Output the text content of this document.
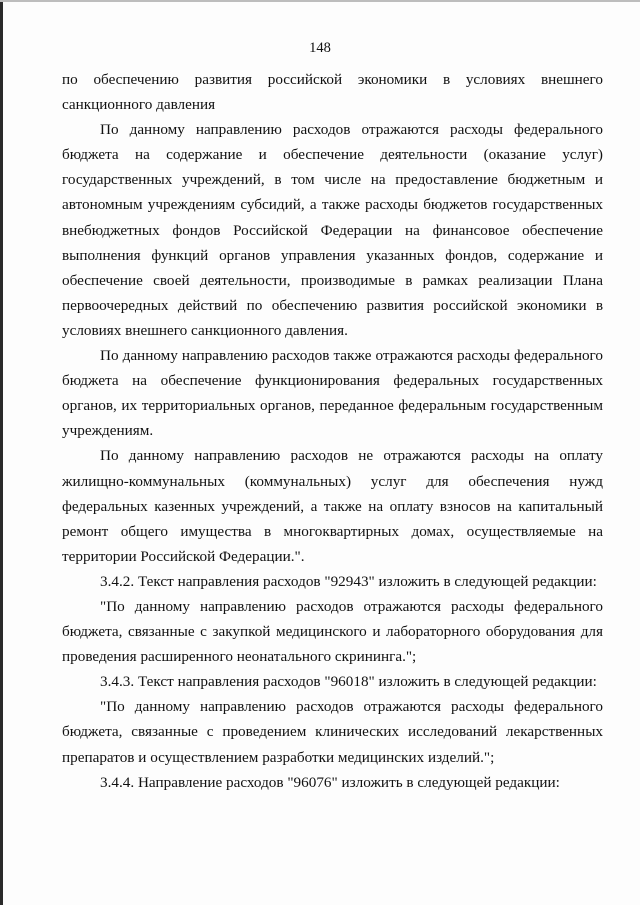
148

по обеспечению развития российской экономики в условиях внешнего санкционного давления

По данному направлению расходов отражаются расходы федерального бюджета на содержание и обеспечение деятельности (оказание услуг) государственных учреждений, в том числе на предоставление бюджетным и автономным учреждениям субсидий, а также расходы бюджетов государственных внебюджетных фондов Российской Федерации на финансовое обеспечение выполнения функций органов управления указанных фондов, содержание и обеспечение своей деятельности, производимые в рамках реализации Плана первоочередных действий по обеспечению развития российской экономики в условиях внешнего санкционного давления.

По данному направлению расходов также отражаются расходы федерального бюджета на обеспечение функционирования федеральных государственных органов, их территориальных органов, переданное федеральным государственным учреждениям.

По данному направлению расходов не отражаются расходы на оплату жилищно-коммунальных (коммунальных) услуг для обеспечения нужд федеральных казенных учреждений, а также на оплату взносов на капитальный ремонт общего имущества в многоквартирных домах, осуществляемые на территории Российской Федерации.".

3.4.2. Текст направления расходов "92943" изложить в следующей редакции:

"По данному направлению расходов отражаются расходы федерального бюджета, связанные с закупкой медицинского и лабораторного оборудования для проведения расширенного неонатального скрининга.";

3.4.3. Текст направления расходов "96018" изложить в следующей редакции:

"По данному направлению расходов отражаются расходы федерального бюджета, связанные с проведением клинических исследований лекарственных препаратов и осуществлением разработки медицинских изделий.";

3.4.4. Направление расходов "96076" изложить в следующей редакции:
